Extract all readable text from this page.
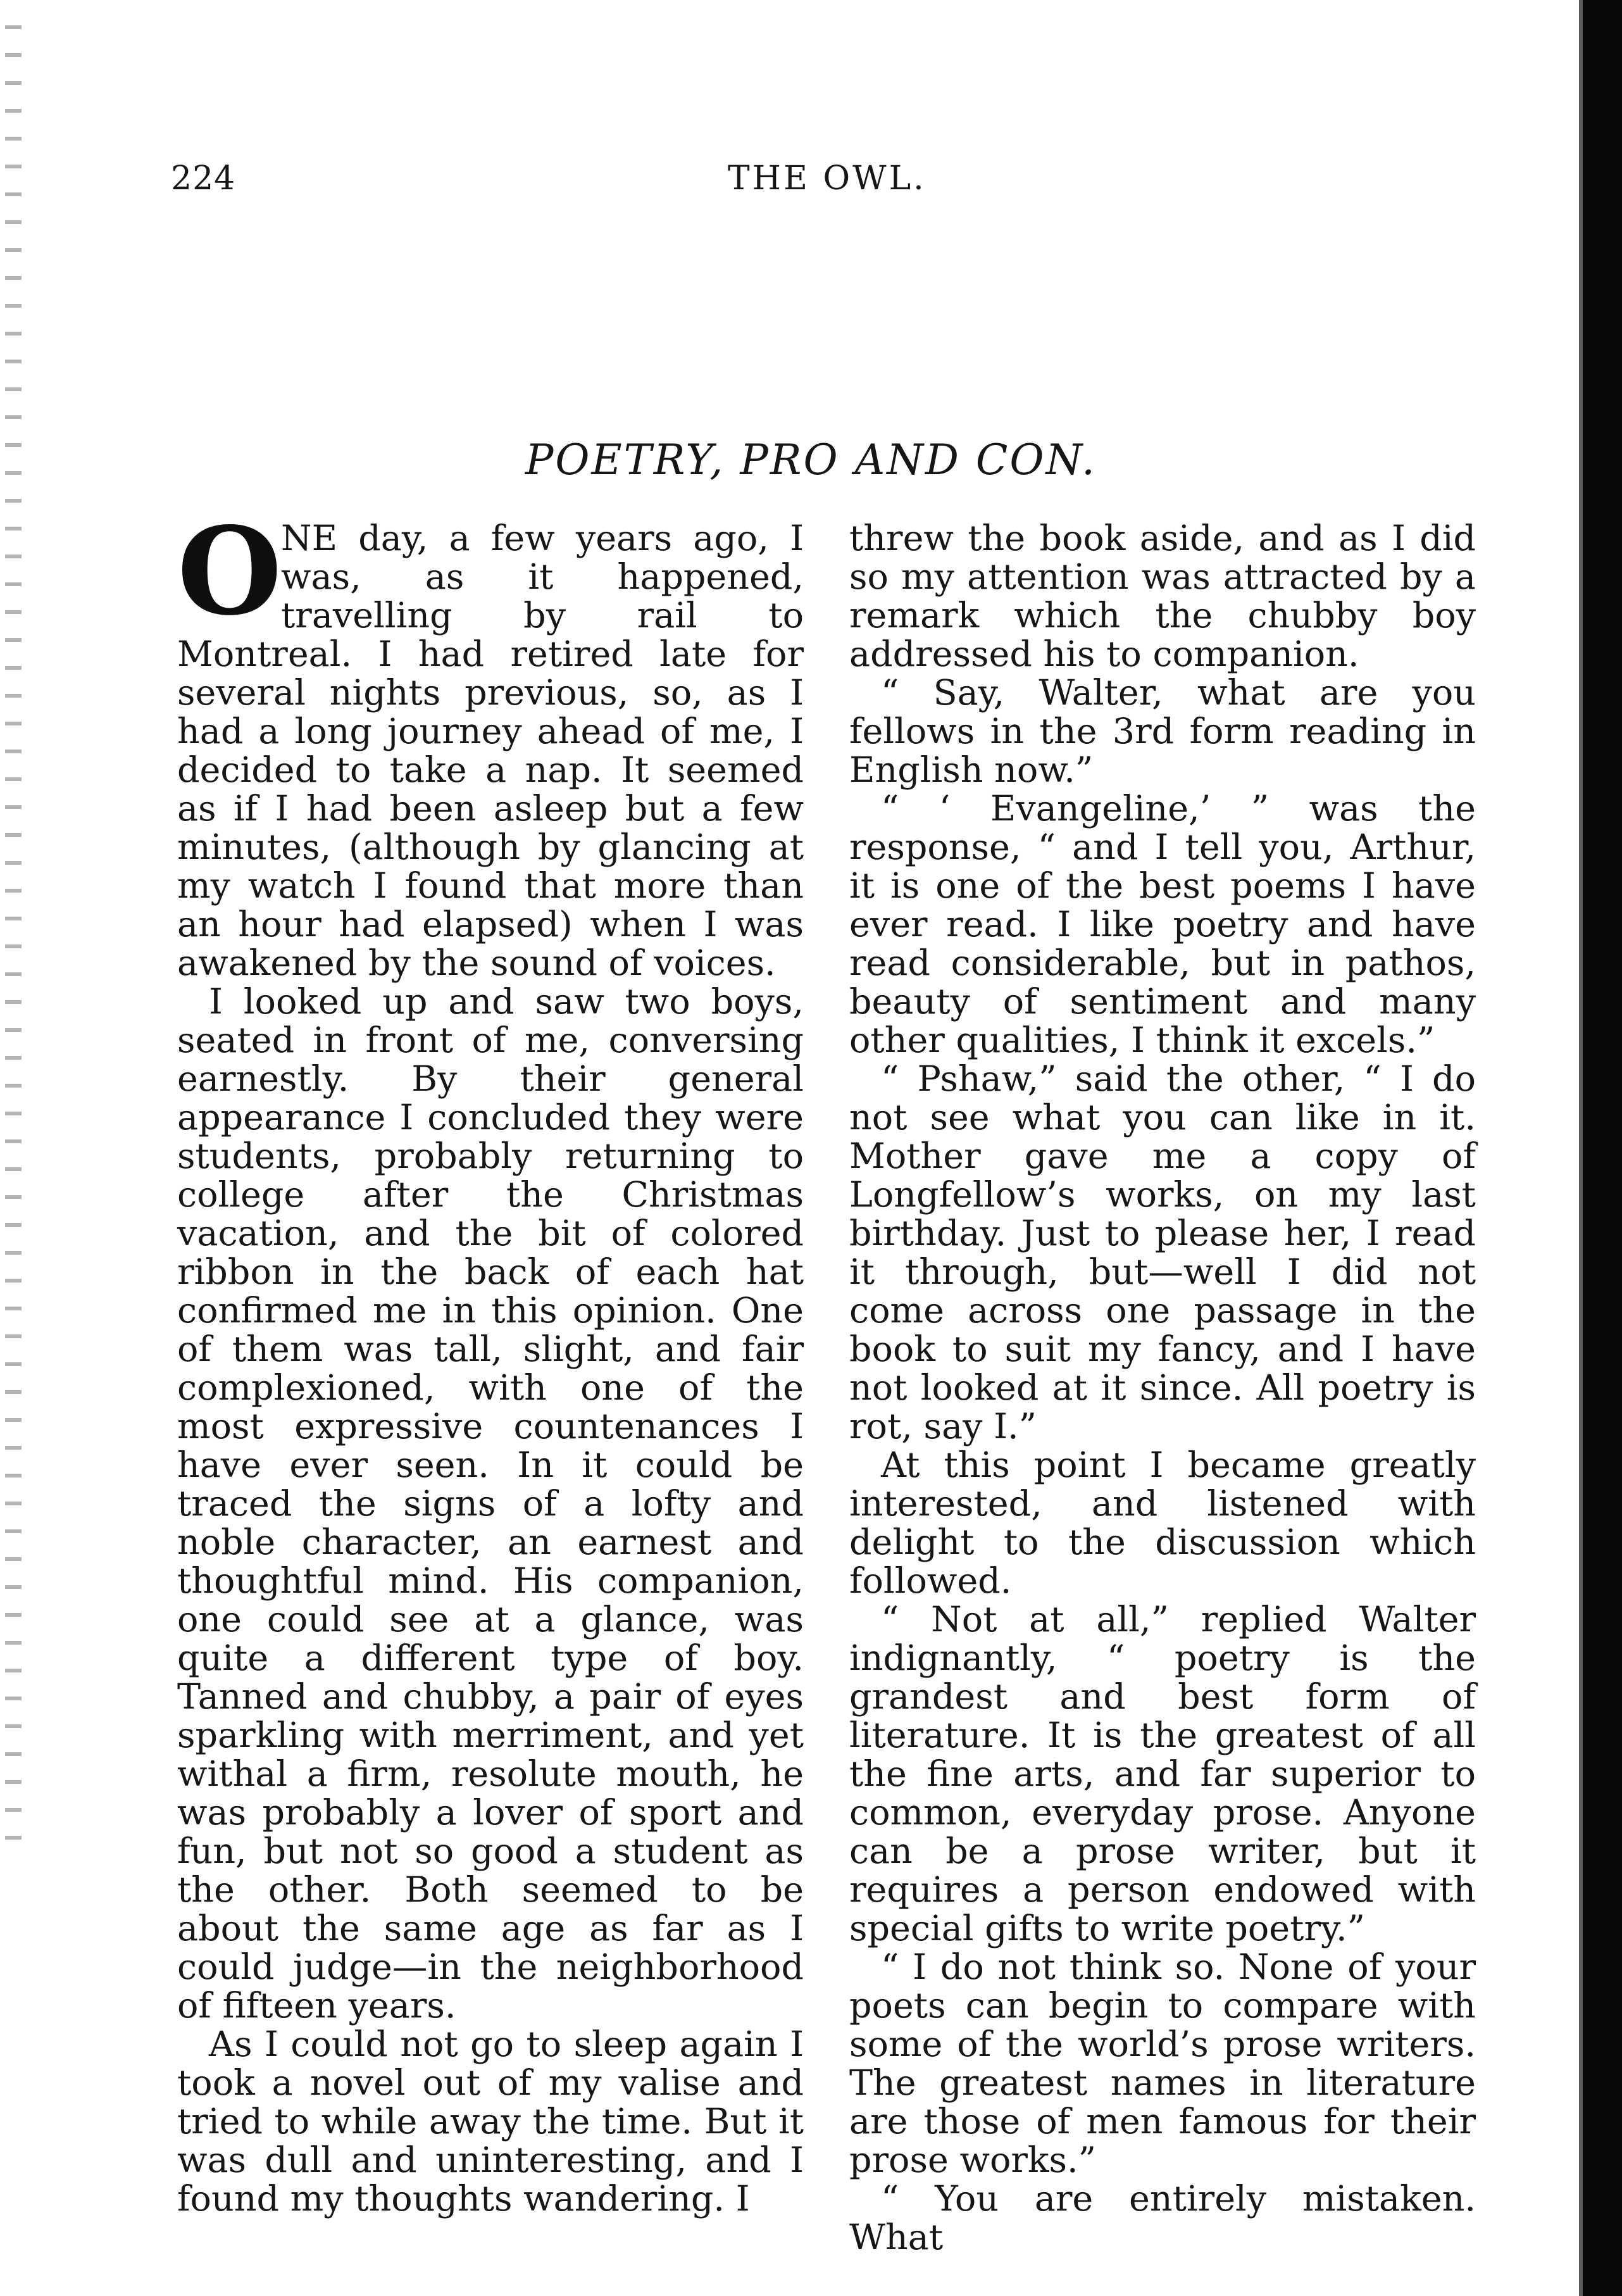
224	THE OWL.
POETRY, PRO AND CON.
O

NE day, a few years ago, I was, as it happened, travelling by rail to Montreal. I had retired late for several nights previous, so, as I had a long journey ahead of me, I decided to take a nap. It seemed as if I had been asleep but a few minutes, (although by glancing at my watch I found that more than an hour had elapsed) when I was awakened by the sound of voices.

I looked up and saw two boys, seated in front of me, conversing earnestly. By their general appearance I concluded they were students, probably returning to college after the Christmas vacation, and the bit of colored ribbon in the back of each hat confirmed me in this opinion. One of them was tall, slight, and fair complexioned, with one of the most expressive countenances I have ever seen. In it could be traced the signs of a lofty and noble character, an earnest and thoughtful mind. His companion, one could see at a glance, was quite a different type of boy. Tanned and chubby, a pair of eyes sparkling with merriment, and yet withal a firm, resolute mouth, he was probably a lover of sport and fun, but not so good a student as the other. Both seemed to be about the same age as far as I could judge—in the neighborhood of fifteen years.

As I could not go to sleep again I took a novel out of my valise and tried to while away the time. But it was dull and uninteresting, and I found my thoughts wandering. I

threw the book aside, and as I did so my attention was attracted by a remark which the chubby boy addressed his to companion.

“ Say, Walter, what are you fellows in the 3rd form reading in English now.”

“ ‘ Evangeline,’ ” was the response, “ and I tell you, Arthur, it is one of the best poems I have ever read. I like poetry and have read considerable, but in pathos, beauty of sentiment and many other qualities, I think it excels.”

“ Pshaw,” said the other, “ I do not see what you can like in it. Mother gave me a copy of Longfellow’s works, on my last birthday. Just to please her, I read it through, but—well I did not come across one passage in the book to suit my fancy, and I have not looked at it since. All poetry is rot, say I.”

At this point I became greatly interested, and listened with delight to the discussion which followed.

“ Not at all,” replied Walter indignantly, “ poetry is the grandest and best form of literature. It is the greatest of all the fine arts, and far superior to common, everyday prose. Anyone can be a prose writer, but it requires a person endowed with special gifts to write poetry.”

“ I do not think so. None of your poets can begin to compare with some of the world’s prose writers. The greatest names in literature are those of men famous for their prose works.”

“ You are entirely mistaken. What
